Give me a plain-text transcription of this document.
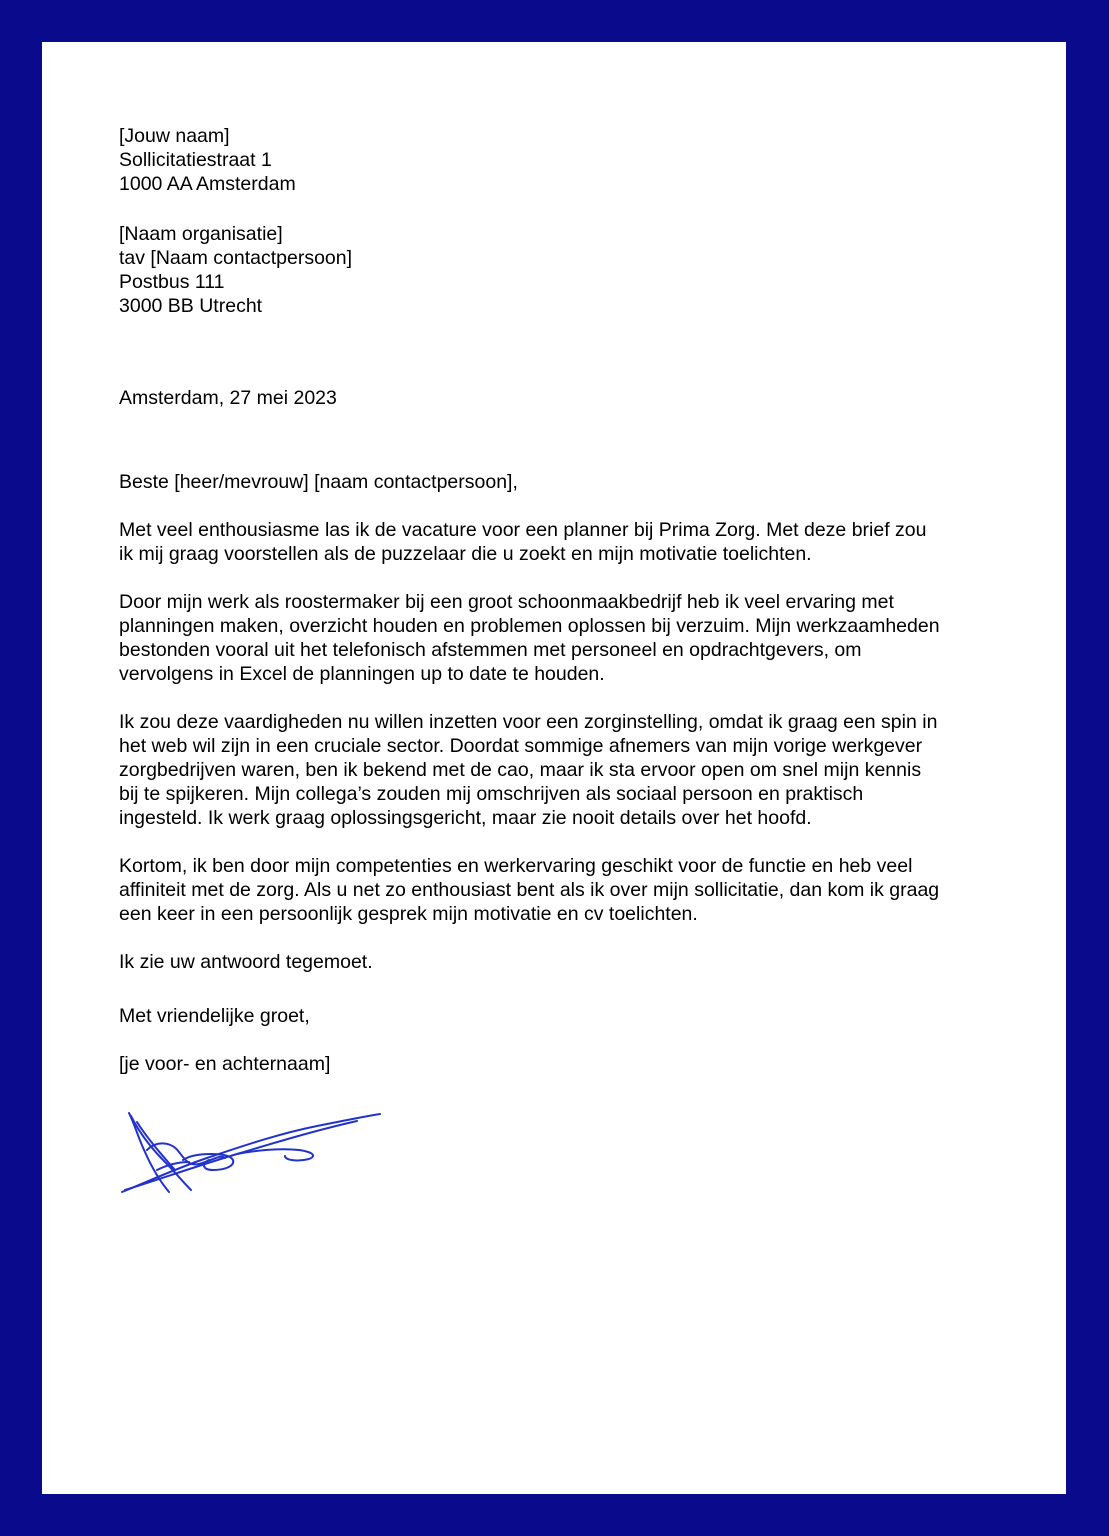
[Jouw naam]
Sollicitatiestraat 1
1000 AA Amsterdam
[Naam organisatie]
tav [Naam contactpersoon]
Postbus 111
3000 BB Utrecht
Amsterdam, 27 mei 2023
Beste [heer/mevrouw] [naam contactpersoon],
Met veel enthousiasme las ik de vacature voor een planner bij Prima Zorg. Met deze brief zou
ik mij graag voorstellen als de puzzelaar die u zoekt en mijn motivatie toelichten.
Door mijn werk als roostermaker bij een groot schoonmaakbedrijf heb ik veel ervaring met
planningen maken, overzicht houden en problemen oplossen bij verzuim. Mijn werkzaamheden
bestonden vooral uit het telefonisch afstemmen met personeel en opdrachtgevers, om
vervolgens in Excel de planningen up to date te houden.
Ik zou deze vaardigheden nu willen inzetten voor een zorginstelling, omdat ik graag een spin in
het web wil zijn in een cruciale sector. Doordat sommige afnemers van mijn vorige werkgever
zorgbedrijven waren, ben ik bekend met de cao, maar ik sta ervoor open om snel mijn kennis
bij te spijkeren. Mijn collega’s zouden mij omschrijven als sociaal persoon en praktisch
ingesteld. Ik werk graag oplossingsgericht, maar zie nooit details over het hoofd.
Kortom, ik ben door mijn competenties en werkervaring geschikt voor de functie en heb veel
affiniteit met de zorg. Als u net zo enthousiast bent als ik over mijn sollicitatie, dan kom ik graag
een keer in een persoonlijk gesprek mijn motivatie en cv toelichten.
Ik zie uw antwoord tegemoet.
Met vriendelijke groet,
[je voor- en achternaam]
